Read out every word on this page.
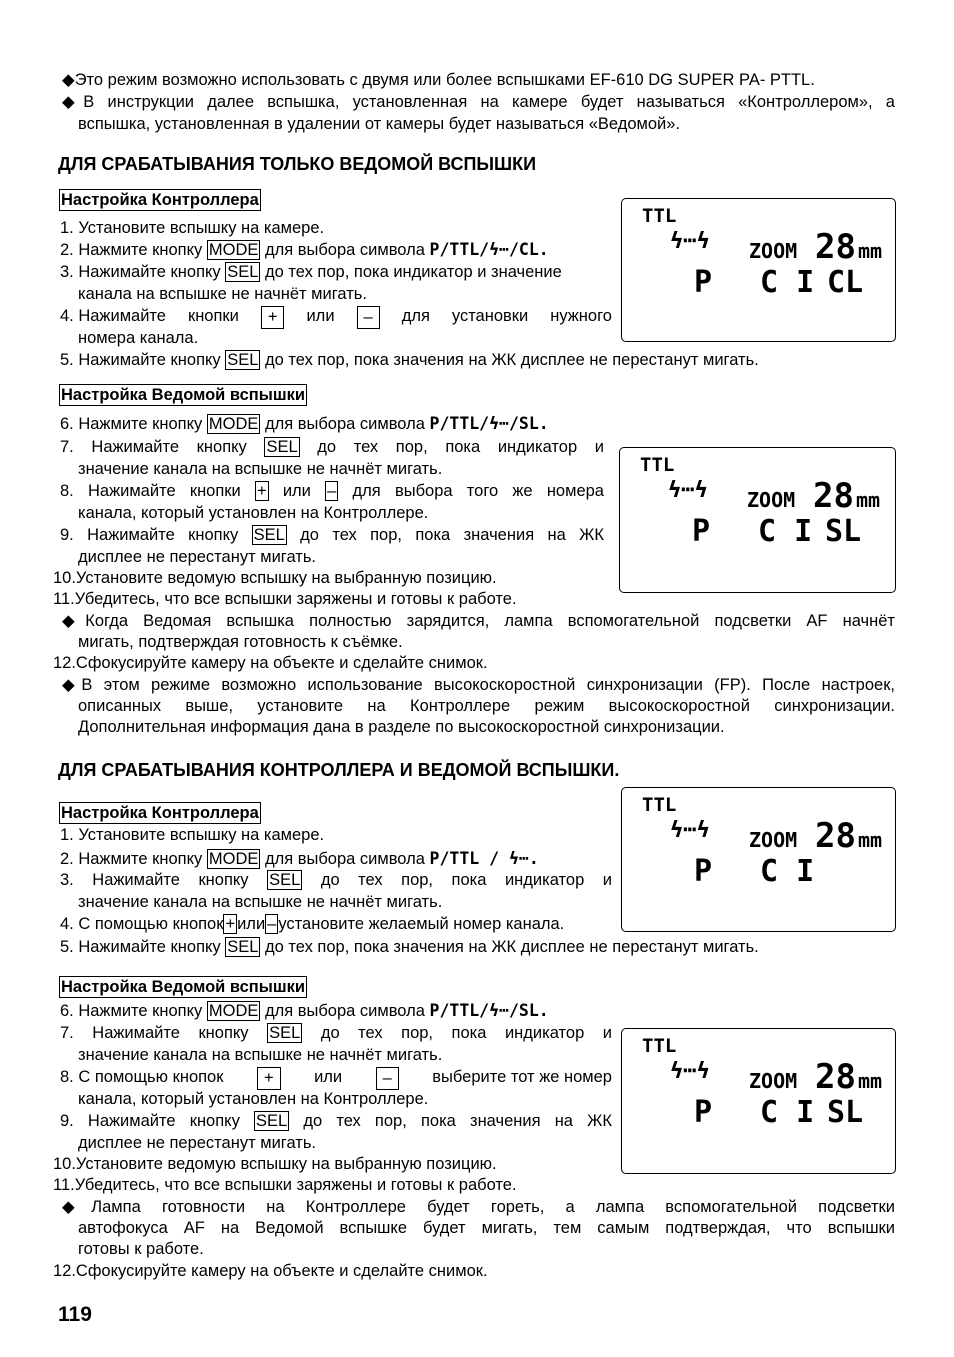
◆Это режим возможно использовать с двумя или более вспышками EF-610 DG SUPER PA- PTTL.
◆В инструкции далее вспышка, установленная на камере будет называться «Контроллером», а
вспышка, установленная в удалении от камеры будет называться «Ведомой».
ДЛЯ СРАБАТЫВАНИЯ ТОЛЬКО ВЕДОМОЙ ВСПЫШКИ
Настройка Контроллера
1. Установите вспышку на камере.
2. Нажмите кнопку MODE для выбора символа P/TTL/ϟ┅/CL.
3. Нажимайте кнопку SEL до тех пор, пока индикатор и значение
канала на вспышке не начнёт мигать.
4. Нажимайте кнопки	+	или	–	для установки нужного
номера канала.
5. Нажимайте кнопку SEL до тех пор, пока значения на ЖК дисплее не перестанут мигать.
TTL
ϟ┅ϟ ZOOM 28 mm
P C I CL
Настройка Ведомой вспышки
6. Нажмите кнопку MODE для выбора символа P/TTL/ϟ┅/SL.
7. Нажимайте кнопку SEL до тех пор, пока индикатор и
значение канала на вспышке не начнёт мигать.
8. Нажимайте кнопки + или – для выбора того же номера
канала, который установлен на Контроллере.
9. Нажимайте кнопку SEL до тех пор, пока значения на ЖК
дисплее не перестанут мигать.
10.Установите ведомую вспышку на выбранную позицию.
11.Убедитесь, что все вспышки заряжены и готовы к работе.
◆Когда Ведомая вспышка полностью зарядится, лампа вспомогательной подсветки AF начнёт
мигать, подтверждая готовность к съёмке.
12.Сфокусируйте камеру на объекте и сделайте снимок.
◆В этом режиме возможно использование высокоскоростной синхронизации (FP). После настроек,
описанных выше, установите на Контроллере режим высокоскоростной синхронизации.
Дополнительная информация дана в разделе по высокоскоростной синхронизации.
TTL
ϟ┅ϟ ZOOM 28 mm
P C I SL
ДЛЯ СРАБАТЫВАНИЯ КОНТРОЛЛЕРА И ВЕДОМОЙ ВСПЫШКИ.
Настройка Контроллера
1. Установите вспышку на камере.
2. Нажмите кнопку MODE для выбора символа P/TTL / ϟ┅.
3. Нажимайте кнопку SEL до тех пор, пока индикатор и
значение канала на вспышке не начнёт мигать.
4. С помощью кнопок + или – установите желаемый номер канала.
5. Нажимайте кнопку SEL до тех пор, пока значения на ЖК дисплее не перестанут мигать.
TTL
ϟ┅ϟ ZOOM 28 mm
P C I
Настройка Ведомой вспышки
6. Нажмите кнопку MODE для выбора символа P/TTL/ϟ┅/SL.
7. Нажимайте кнопку SEL до тех пор, пока индикатор и
значение канала на вспышке не начнёт мигать.
8. С помощью кнопок	+	или	–	выберите тот же номер
канала, который установлен на Контроллере.
9. Нажимайте кнопку SEL до тех пор, пока значения на ЖК
дисплее не перестанут мигать.
10.Установите ведомую вспышку на выбранную позицию.
11.Убедитесь, что все вспышки заряжены и готовы к работе.
◆Лампа готовности на Контроллере будет гореть, а лампа вспомогательной подсветки
автофокуса AF на Ведомой вспышке будет мигать, тем самым подтверждая, что вспышки
готовы к работе.
12.Сфокусируйте камеру на объекте и сделайте снимок.
TTL
ϟ┅ϟ ZOOM 28 mm
P C I SL
119
